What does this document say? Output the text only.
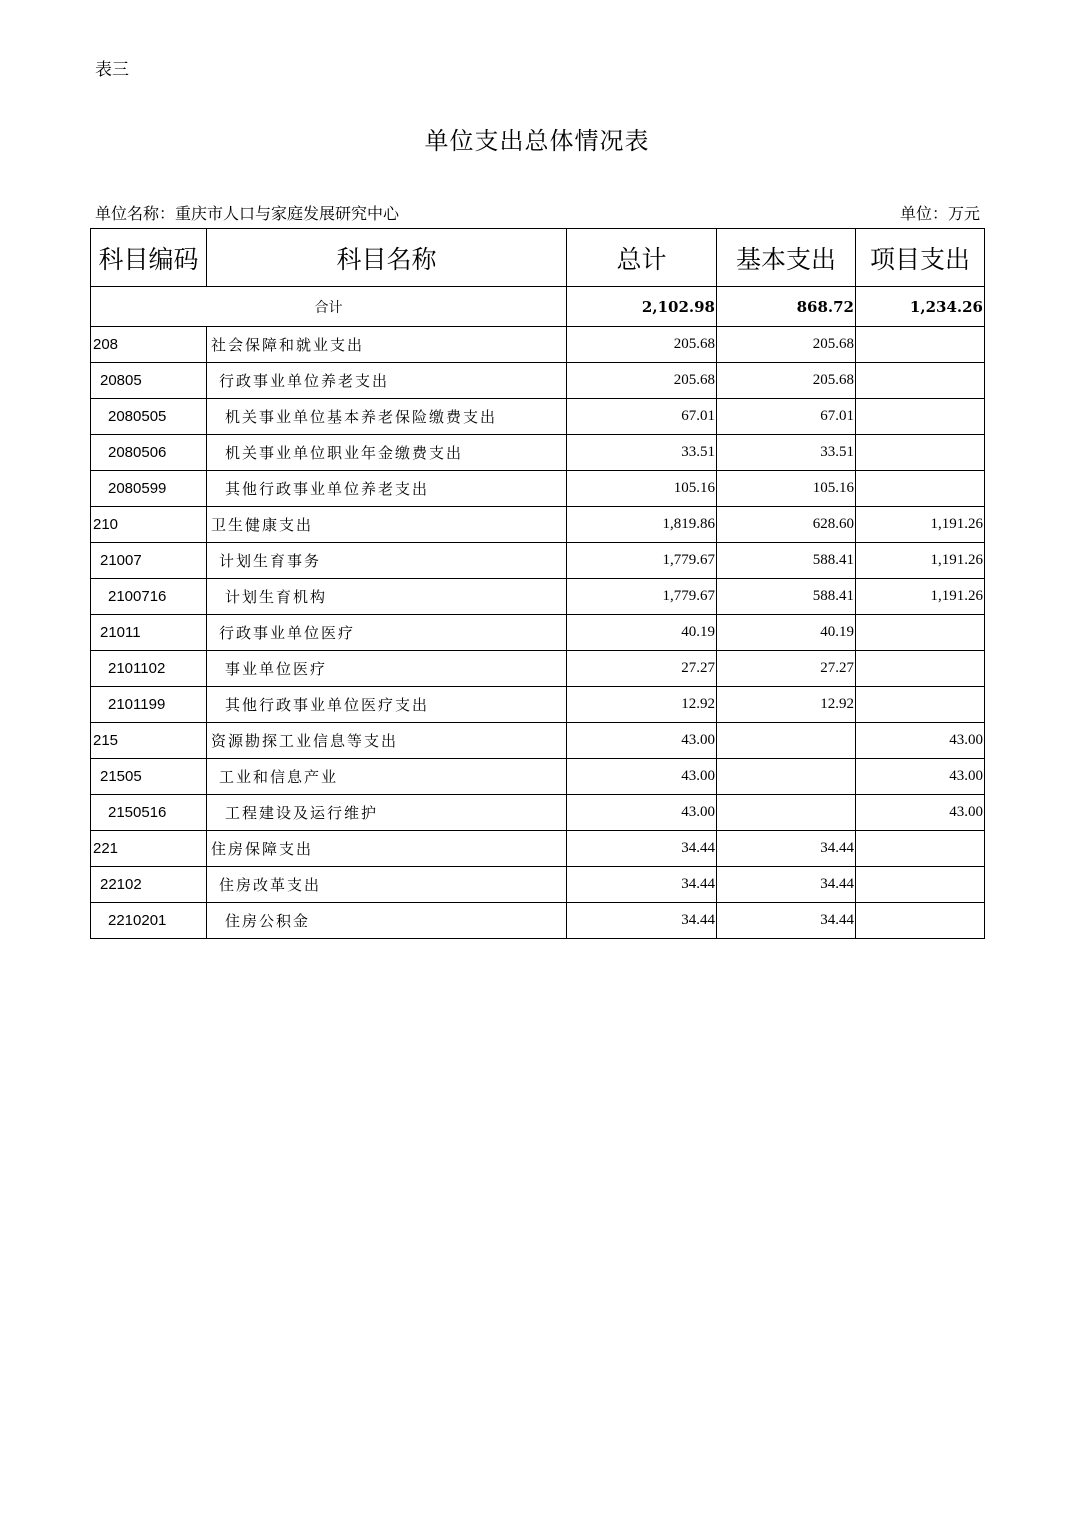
表三
单位支出总体情况表
单位名称：重庆市人口与家庭发展研究中心	单位：万元
科目编码	科目名称	总计	基本支出	项目支出
合计		2,102.98	868.72	1,234.26
208	社会保障和就业支出	205.68	205.68	
20805	行政事业单位养老支出	205.68	205.68	
2080505	机关事业单位基本养老保险缴费支出	67.01	67.01	
2080506	机关事业单位职业年金缴费支出	33.51	33.51	
2080599	其他行政事业单位养老支出	105.16	105.16	
210	卫生健康支出	1,819.86	628.60	1,191.26
21007	计划生育事务	1,779.67	588.41	1,191.26
2100716	计划生育机构	1,779.67	588.41	1,191.26
21011	行政事业单位医疗	40.19	40.19	
2101102	事业单位医疗	27.27	27.27	
2101199	其他行政事业单位医疗支出	12.92	12.92	
215	资源勘探工业信息等支出	43.00		43.00
21505	工业和信息产业	43.00		43.00
2150516	工程建设及运行维护	43.00		43.00
221	住房保障支出	34.44	34.44	
22102	住房改革支出	34.44	34.44	
2210201	住房公积金	34.44	34.44	
